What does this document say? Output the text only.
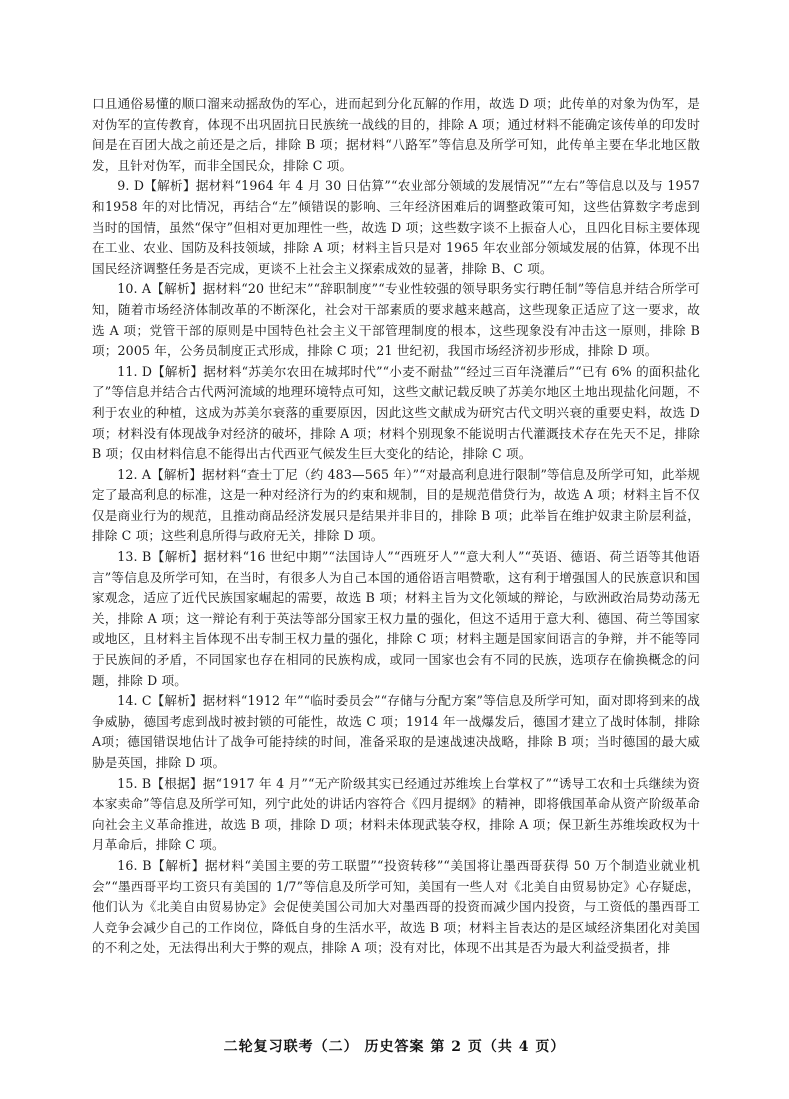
口且通俗易懂的顺口溜来动摇敌伪的军心，进而起到分化瓦解的作用，故选 D 项；此传单的对象为伪军，是对伪军的宣传教育，体现不出巩固抗日民族统一战线的目的，排除 A 项；通过材料不能确定该传单的印发时间是在百团大战之前还是之后，排除 B 项；据材料“八路军”等信息及所学可知，此传单主要在华北地区散发，且针对伪军，而非全国民众，排除 C 项。

9. D【解析】据材料“1964 年 4 月 30 日估算”“农业部分领域的发展情况”“左右”等信息以及与 1957 和1958 年的对比情况，再结合“左”倾错误的影响、三年经济困难后的调整政策可知，这些估算数字考虑到当时的国情，虽然“保守”但相对更加理性一些，故选 D 项；这些数字谈不上振奋人心，且四化目标主要体现在工业、农业、国防及科技领域，排除 A 项；材料主旨只是对 1965 年农业部分领域发展的估算，体现不出国民经济调整任务是否完成，更谈不上社会主义探索成效的显著，排除 B、C 项。

10. A【解析】据材料“20 世纪末”“辞职制度”“专业性较强的领导职务实行聘任制”等信息并结合所学可知，随着市场经济体制改革的不断深化，社会对干部素质的要求越来越高，这些现象正适应了这一要求，故选 A 项；党管干部的原则是中国特色社会主义干部管理制度的根本，这些现象没有冲击这一原则，排除 B项；2005 年，公务员制度正式形成，排除 C 项；21 世纪初，我国市场经济初步形成，排除 D 项。

11. D【解析】据材料“苏美尔农田在城邦时代”“小麦不耐盐”“经过三百年浇灌后”“已有 6% 的面积盐化了”等信息并结合古代两河流域的地理环境特点可知，这些文献记载反映了苏美尔地区土地出现盐化问题，不利于农业的种植，这成为苏美尔衰落的重要原因，因此这些文献成为研究古代文明兴衰的重要史料，故选 D 项；材料没有体现战争对经济的破坏，排除 A 项；材料个别现象不能说明古代灌溉技术存在先天不足，排除 B 项；仅由材料信息不能得出古代西亚气候发生巨大变化的结论，排除 C 项。

12. A【解析】据材料“查士丁尼（约 483—565 年）”“对最高利息进行限制”等信息及所学可知，此举规定了最高利息的标准，这是一种对经济行为的约束和规制，目的是规范借贷行为，故选 A 项；材料主旨不仅仅是商业行为的规范，且推动商品经济发展只是结果并非目的，排除 B 项；此举旨在维护奴隶主阶层利益，排除 C 项；这些利息所得与政府无关，排除 D 项。

13. B【解析】据材料“16 世纪中期”“法国诗人”“西班牙人”“意大利人”“英语、德语、荷兰语等其他语言”等信息及所学可知，在当时，有很多人为自己本国的通俗语言唱赞歌，这有利于增强国人的民族意识和国家观念，适应了近代民族国家崛起的需要，故选 B 项；材料主旨为文化领域的辩论，与欧洲政治局势动荡无关，排除 A 项；这一辩论有利于英法等部分国家王权力量的强化，但这不适用于意大利、德国、荷兰等国家或地区，且材料主旨体现不出专制王权力量的强化，排除 C 项；材料主题是国家间语言的争辩，并不能等同于民族间的矛盾，不同国家也存在相同的民族构成，或同一国家也会有不同的民族，选项存在偷换概念的问题，排除 D 项。

14. C【解析】据材料“1912 年”“临时委员会”“存储与分配方案”等信息及所学可知，面对即将到来的战争威胁，德国考虑到战时被封锁的可能性，故选 C 项；1914 年一战爆发后，德国才建立了战时体制，排除 A项；德国错误地估计了战争可能持续的时间，准备采取的是速战速决战略，排除 B 项；当时德国的最大威胁是英国，排除 D 项。

15. B【根据】据“1917 年 4 月”“无产阶级其实已经通过苏维埃上台掌权了”“诱导工农和士兵继续为资本家卖命”等信息及所学可知，列宁此处的讲话内容符合《四月提纲》的精神，即将俄国革命从资产阶级革命向社会主义革命推进，故选 B 项，排除 D 项；材料未体现武装夺权，排除 A 项；保卫新生苏维埃政权为十月革命后，排除 C 项。

16. B【解析】据材料“美国主要的劳工联盟”“投资转移”“美国将让墨西哥获得 50 万个制造业就业机会”“墨西哥平均工资只有美国的 1/7”等信息及所学可知，美国有一些人对《北美自由贸易协定》心存疑虑，他们认为《北美自由贸易协定》会促使美国公司加大对墨西哥的投资而减少国内投资，与工资低的墨西哥工人竞争会减少自己的工作岗位，降低自身的生活水平，故选 B 项；材料主旨表达的是区域经济集团化对美国的不利之处，无法得出利大于弊的观点，排除 A 项；没有对比，体现不出其是否为最大利益受损者，排

二轮复习联考（二） 历史答案 第 2 页（共 4 页）
